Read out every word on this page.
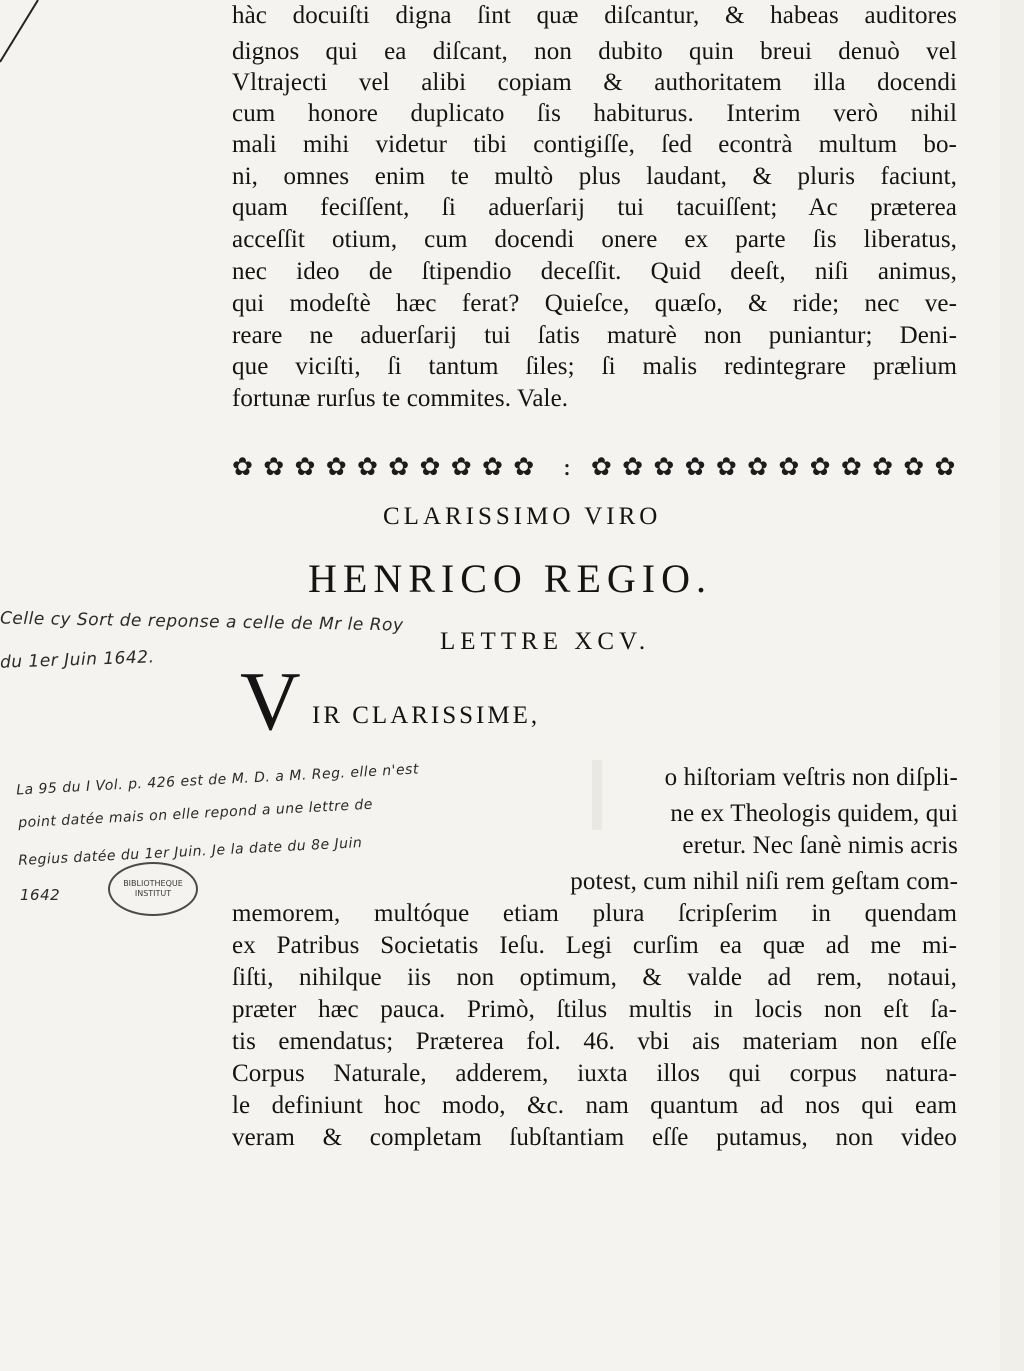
hàc docuiſti digna ſint quæ diſcantur, & habeas auditores
dignos qui ea diſcant, non dubito quin breui denuò vel
Vltrajecti vel alibi copiam & authoritatem illa docendi
cum honore duplicato ſis habiturus. Interim verò nihil
mali mihi videtur tibi contigiſſe, ſed econtrà multum bo-
ni, omnes enim te multò plus laudant, & pluris faciunt,
quam feciſſent, ſi aduerſarij tui tacuiſſent; Ac præterea
acceſſit otium, cum docendi onere ex parte ſis liberatus,
nec ideo de ſtipendio deceſſit. Quid deeſt, niſi animus,
qui modeſtè hæc ferat? Quieſce, quæſo, & ride; nec ve-
reare ne aduerſarij tui ſatis maturè non puniantur; Deni-
que viciſti, ſi tantum ſiles; ſi malis redintegrare prælium
fortunæ rurſus te commites. Vale.
✿✿✿✿✿✿✿✿✿✿ : ✿✿✿✿✿✿✿✿✿✿✿✿
CLARISSIMO VIRO
HENRICO REGIO.
LETTRE XCV.
V IR CLARISSIME,
o hiſtoriam veſtris non diſpli-
ne ex Theologis quidem, qui
eretur. Nec ſanè nimis acris
potest, cum nihil niſi rem geſtam com-
memorem, multóque etiam plura ſcripſerim in quendam
ex Patribus Societatis Ieſu. Legi curſim ea quæ ad me mi-
ſiſti, nihilque iis non optimum, & valde ad rem, notaui,
præter hæc pauca. Primò, ſtilus multis in locis non eſt ſa-
tis emendatus; Præterea fol. 46. vbi ais materiam non eſſe
Corpus Naturale, adderem, iuxta illos qui corpus natura-
le definiunt hoc modo, &c. nam quantum ad nos qui eam
veram & completam ſubſtantiam eſſe putamus, non video
Celle cy Sort de reponse a celle de Mr le Roy
du 1er Juin 1642.
La 95 du I Vol. p. 426 est de M. D. a M. Reg. elle n'est
point datée mais on elle repond a une lettre de
Regius datée du 1er Juin. Je la date du 8e Juin
1642
BIBLIOTHEQUE
INSTITUT
